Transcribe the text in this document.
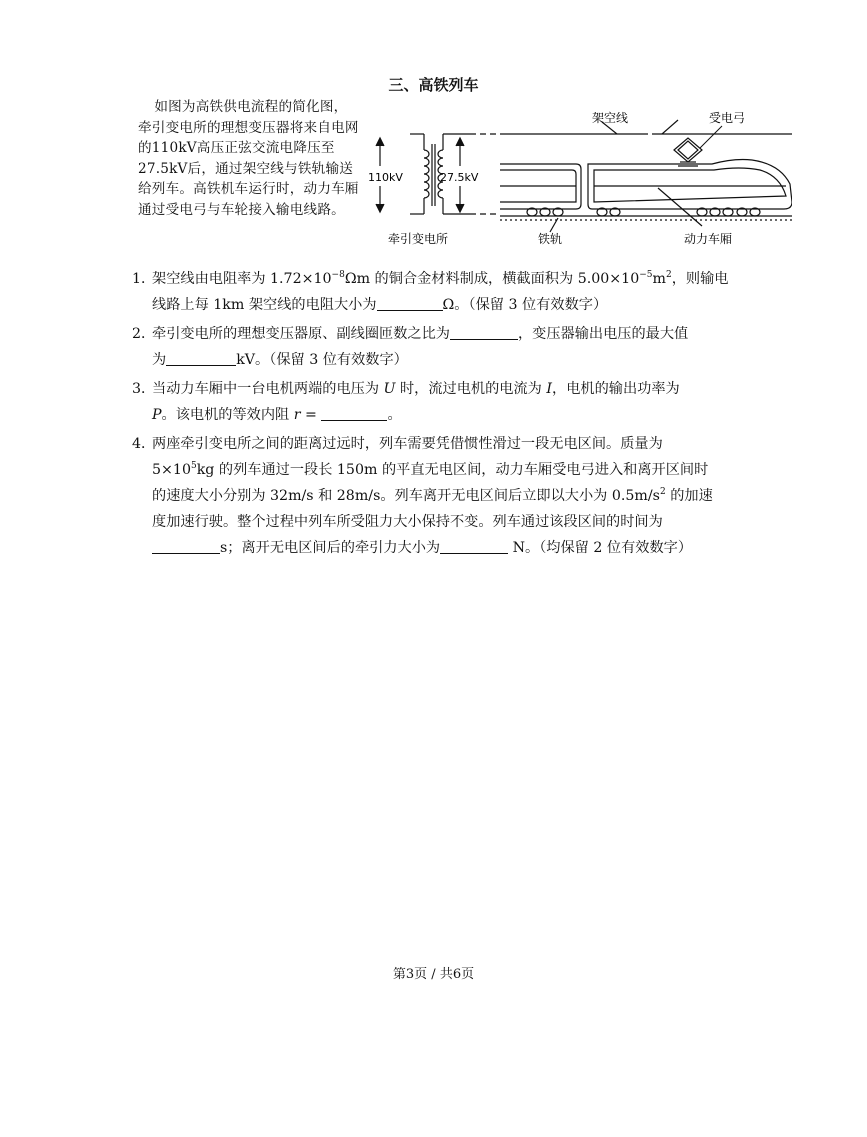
三、高铁列车
如图为高铁供电流程的简化图，牵引变电所的理想变压器将来自电网的110kV高压正弦交流电降压至27.5kV后，通过架空线与铁轨输送给列车。高铁机车运行时，动力车厢通过受电弓与车轮接入输电线路。
110kV	27.5kV
牵引变电所
架空线	受电弓
铁轨	动力车厢
1．架空线由电阻率为 $1.72\times 10^{-8}\Omega m$ 的铜合金材料制成，横截面积为 $5.00\times 10^{-5}m^2$，则输电
线路上每 1km 架空线的电阻大小为	Ω。（保留 3 位有效数字）
2．牵引变电所的理想变压器原、副线圈匝数之比为	，变压器输出电压的最大值
为	kV。（保留 3 位有效数字）
3．当动力车厢中一台电机两端的电压为 U 时，流过电机的电流为 I，电机的输出功率为
P。该电机的等效内阻 r =	。
4．两座牵引变电所之间的距离过远时，列车需要凭借惯性滑过一段无电区间。质量为
$5\times 10^5kg$ 的列车通过一段长 150m 的平直无电区间，动力车厢受电弓进入和离开区间时
的速度大小分别为 32m/s 和 28m/s。列车离开无电区间后立即以大小为 $0.5m/s^2$ 的加速
度加速行驶。整个过程中列车所受阻力大小保持不变。列车通过该段区间的时间为
s；离开无电区间后的牵引力大小为	N。（均保留 2 位有效数字）
第3页 / 共6页
